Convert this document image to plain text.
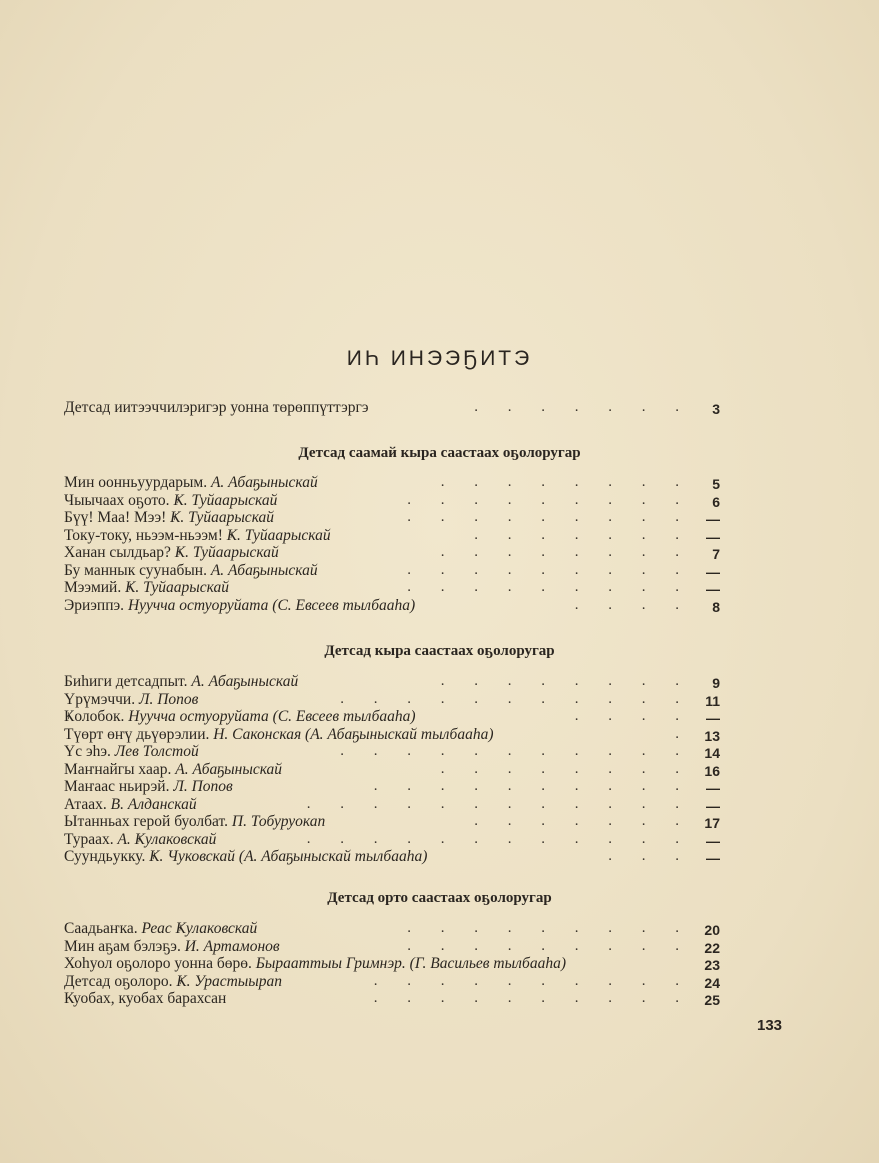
ИҺ ИНЭЭҔИТЭ
Детсад иитээччилэригэр уонна төрөппүттэргэ	. . . . . . .	3
Детсад саамай кыра саастаах оҕолоругар
Мин оонньуурдарым. А. Абаҕыныскай	. . . . . . . .	5
Чыычаах оҕото. Ҝ. Туйаарыскай	. . . . . . . . .	6
Бүү! Маа! Мээ! Ҝ. Туйаарыскай	. . . . . . . . .	—
Току-току, ньээм-ньээм! Ҝ. Туйаарыскай	. . . . . . .	—
Ханан сылдьар? Ҝ. Туйаарыскай	. . . . . . . .	7
Бу маннык суунабын. А. Абаҕыныскай	. . . . . . . . .	—
Мээмий. Ҝ. Туйаарыскай	. . . . . . . . .	—
Эриэппэ. Нуучча остуоруйата (С. Евсеев тылбааһа)	. . . .	8
Детсад кыра саастаах оҕолоругар
Биһиги детсадпыт. А. Абаҕыныскай	. . . . . . . .	9
Үрүмэччи. Л. Попов	. . . . . . . . . . . 11
Ҝолобок. Нуучча остуоруйата (С. Евсеев тылбааһа)	. . . .	—
Түөрт өҥү дьүөрэлии. Н. Саконская (А. Абаҕыныскай тылбааһа)	. 13
Үс эһэ. Лев Толстой	. . . . . . . . . . . 14
Маҥнайгы хаар. А. Абаҕыныскай	. . . . . . . . 16
Маҥаас ньирэй. Л. Попов	. . . . . . . . . .	—
Атаах. В. Алданскай	. . . . . . . . . . . .	—
Ытанньах герой буолбат. П. Тобуруокап	. . . . . . . 17
Тураах. А. Ҝулаковскай	. . . . . . . . . . . .	—
Суундьукку. Ҝ. Чуковскай (А. Абаҕыныскай тылбааһа)	. . .	—
Детсад орто саастаах оҕолоругар
Саадьаҥка. Реас Ҝулаковскай	. . . . . . . . . 20
Мин аҕам бэлэҕэ. И. Артамонов	. . . . . . . . . 22
Хоһуол оҕолоро уонна бөрө. Бырааттыы Гримнэр. (Г. Васильев тылбааһа)	23
Детсад оҕолоро. Ҝ. Урастыырап	. . . . . . . . . . 24
Куобах, куобах барахсан	. . . . . . . . . . 25
133
